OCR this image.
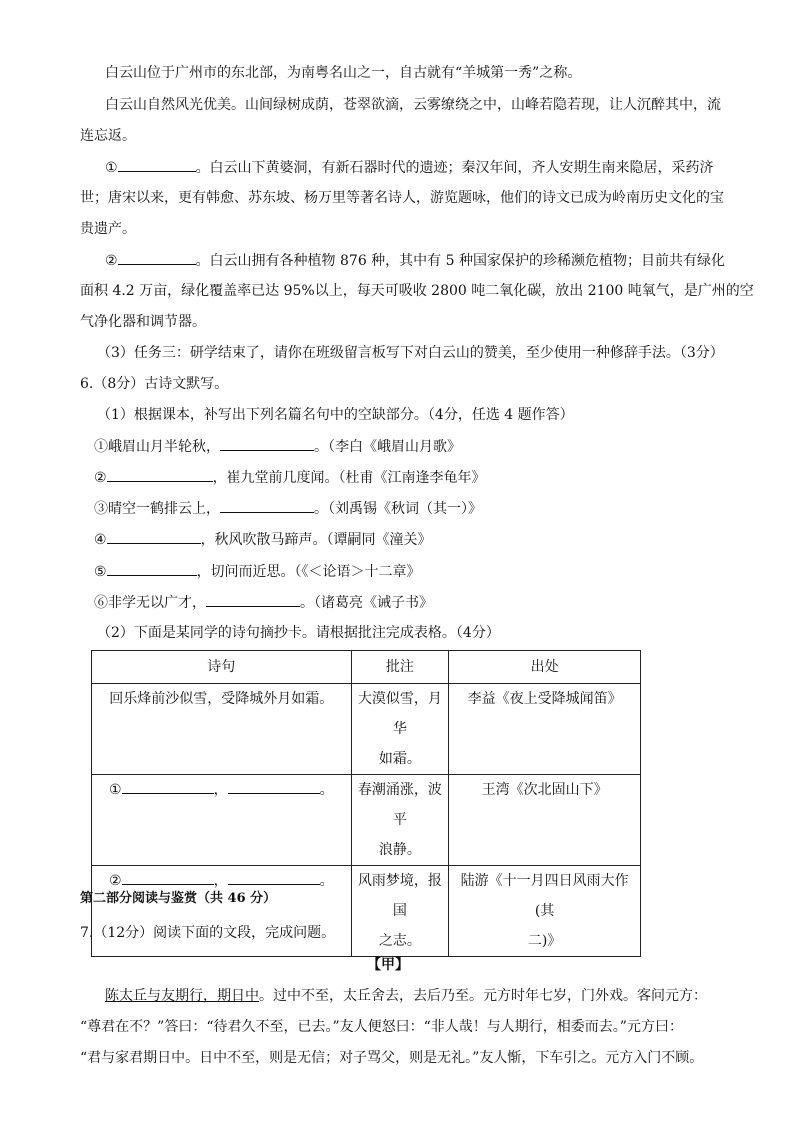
白云山位于广州市的东北部，为南粤名山之一，自古就有“羊城第一秀”之称。
白云山自然风光优美。山间绿树成荫，苍翠欲滴，云雾缭绕之中，山峰若隐若现，让人沉醉其中，流
连忘返。
①	。白云山下黄婆洞，有新石器时代的遗迹；秦汉年间，齐人安期生南来隐居，采药济
世；唐宋以来，更有韩愈、苏东坡、杨万里等著名诗人，游览题咏，他们的诗文已成为岭南历史文化的宝
贵遗产。
②	。白云山拥有各种植物 876 种，其中有 5 种国家保护的珍稀濒危植物；目前共有绿化
面积 4.2 万亩，绿化覆盖率已达 95%以上，每天可吸收 2800 吨二氧化碳，放出 2100 吨氧气，是广州的空
气净化器和调节器。
（3）任务三：研学结束了，请你在班级留言板写下对白云山的赞美，至少使用一种修辞手法。（3分）
6.（8分）古诗文默写。
（1）根据课本，补写出下列名篇名句中的空缺部分。（4分，任选 4 题作答）
①峨眉山月半轮秋，	。（李白《峨眉山月歌》
②	，崔九堂前几度闻。（杜甫《江南逢李龟年》
③晴空一鹤排云上，	。（刘禹锡《秋词（其一）》
④	，秋风吹散马蹄声。（谭嗣同《潼关》
⑤	，切问而近思。（《＜论语＞十二章》
⑥非学无以广才，	。（诸葛亮《诫子书》
（2）下面是某同学的诗句摘抄卡。请根据批注完成表格。（4分）
诗句	批注	出处
回乐烽前沙似雪，受降城外月如霜。	大漠似雪，月华
如霜。	李益《夜上受降城闻笛》
① ， 。	春潮涌涨，波平
浪静。	王湾《次北固山下》
② ， 。	风雨梦境，报国
之志。	陆游《十一月四日风雨大作(其
二)》
第二部分阅读与鉴赏（共 46 分）
7.（12分）阅读下面的文段，完成问题。
【甲】
陈太丘与友期行，期日中。过中不至，太丘舍去，去后乃至。元方时年七岁，门外戏。客问元方：
“尊君在不？”答曰：“待君久不至，已去。”友人便怒曰：“非人哉！与人期行，相委而去。”元方曰：
“君与家君期日中。日中不至，则是无信；对子骂父，则是无礼。”友人惭，下车引之。元方入门不顾。
